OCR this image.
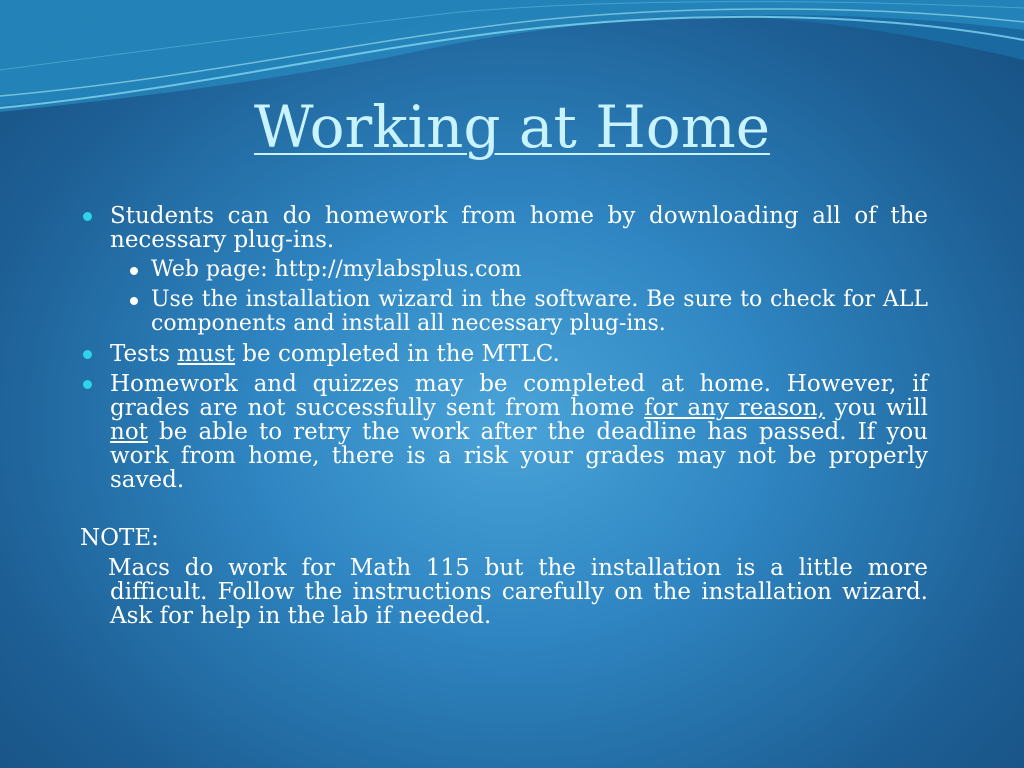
Working at Home

Students can do homework from home by downloading all of the necessary plug-ins.

Web page: http://mylabsplus.com

Use the installation wizard in the software. Be sure to check for ALL components and install all necessary plug-ins.

Tests must be completed in the MTLC.

Homework and quizzes may be completed at home. However, if grades are not successfully sent from home for any reason, you will not be able to retry the work after the deadline has passed. If you work from home, there is a risk your grades may not be properly saved.

NOTE:

Macs do work for Math 115 but the installation is a little more difficult. Follow the instructions carefully on the installation wizard. Ask for help in the lab if needed.
